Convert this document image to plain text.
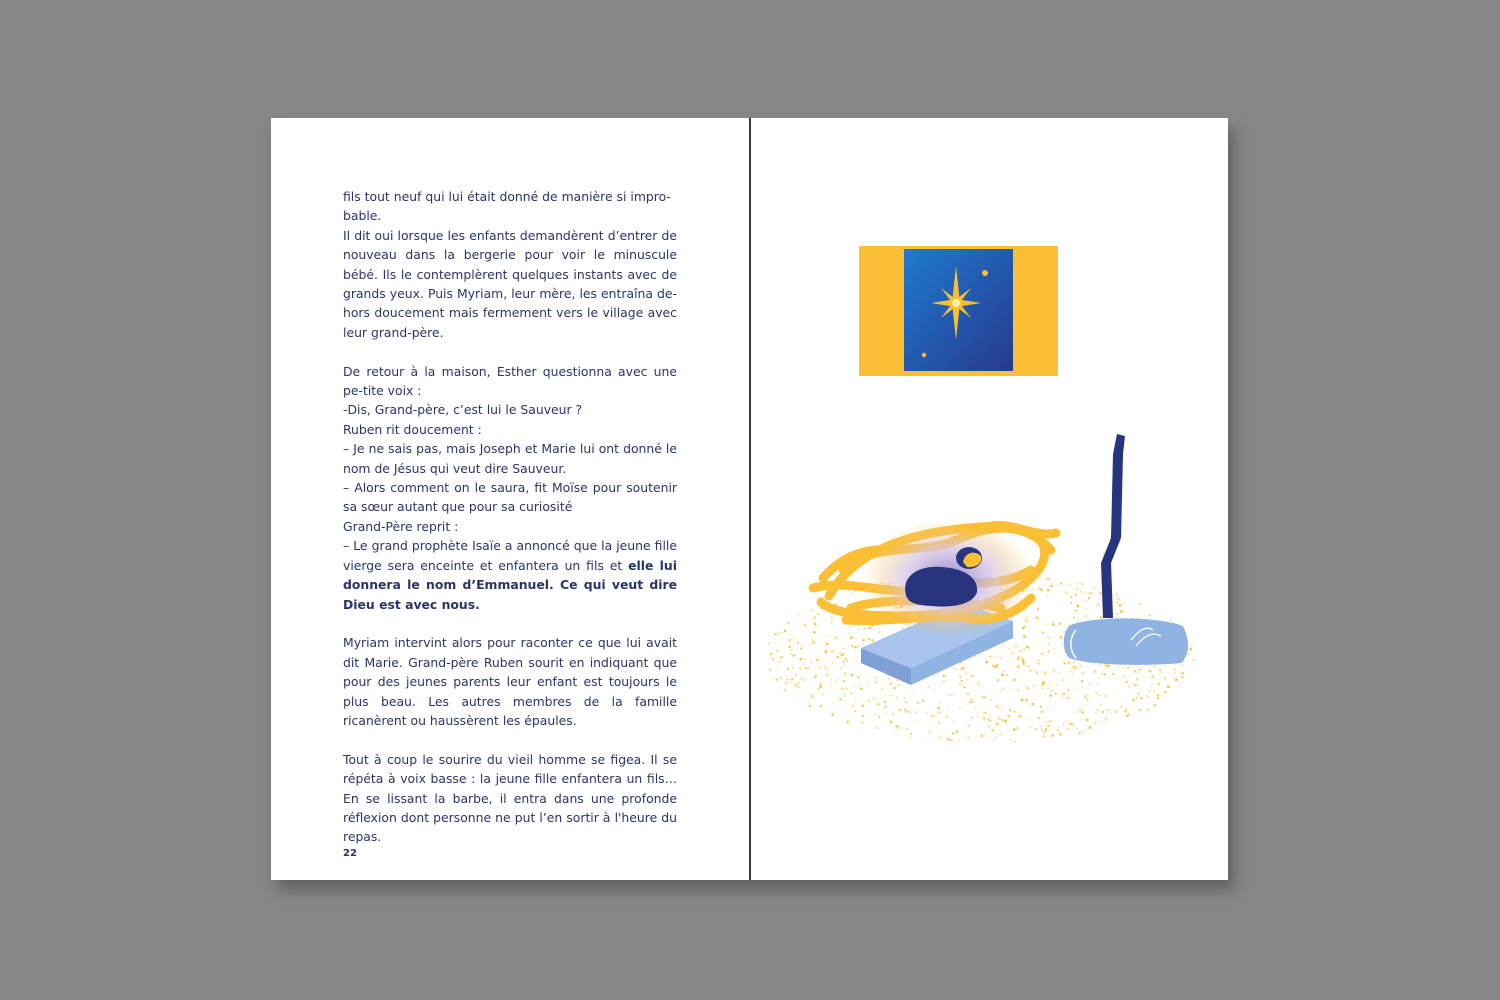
fils tout neuf qui lui était donné de manière si impro-
bable.
Il dit oui lorsque les enfants demandèrent d’entrer de nouveau dans la bergerie pour voir le minuscule bébé. Ils le contemplèrent quelques instants avec de grands yeux. Puis Myriam, leur mère, les entraîna de-hors doucement mais fermement vers le village avec leur grand-père.

De retour à la maison, Esther questionna avec une pe-tite voix :
-Dis, Grand-père, c’est lui le Sauveur ?
Ruben rit doucement :
– Je ne sais pas, mais Joseph et Marie lui ont donné le nom de Jésus qui veut dire Sauveur.
– Alors comment on le saura, fit Moïse pour soutenir sa sœur autant que pour sa curiosité
Grand-Père reprit :
– Le grand prophète Isaïe a annoncé que la jeune fille vierge sera enceinte et enfantera un fils et elle lui donnera le nom d’Emmanuel. Ce qui veut dire Dieu est avec nous.

Myriam intervint alors pour raconter ce que lui avait dit Marie. Grand-père Ruben sourit en indiquant que pour des jeunes parents leur enfant est toujours le plus beau. Les autres membres de la famille ricanèrent ou haussèrent les épaules.

Tout à coup le sourire du vieil homme se figea. Il se répéta à voix basse : la jeune fille enfantera un fils… En se lissant la barbe, il entra dans une profonde réflexion dont personne ne put l’en sortir à l'heure du repas.

22
